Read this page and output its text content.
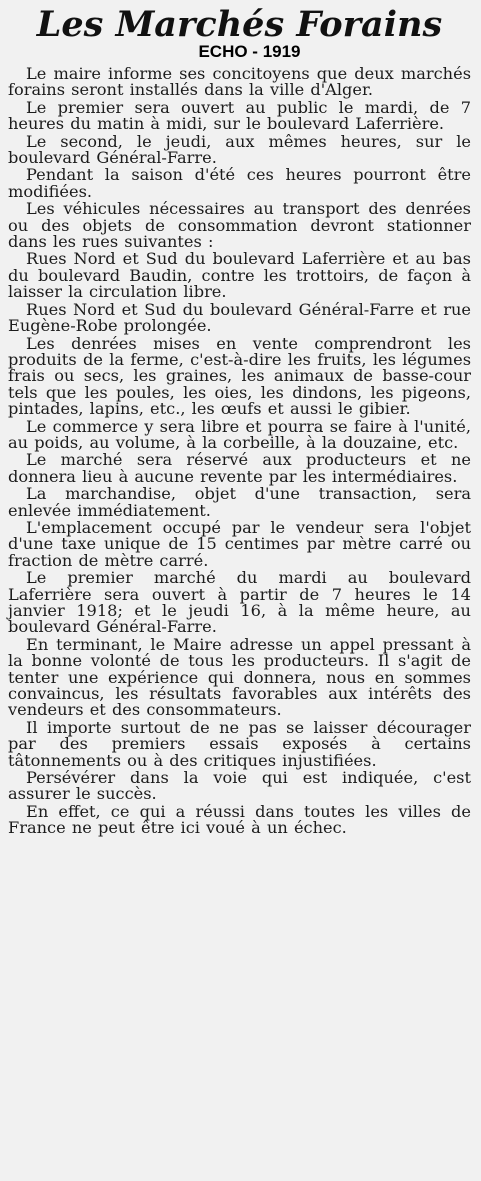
Les Marchés Forains
ECHO - 1919

Le maire informe ses concitoyens que deux marchés forains seront installés dans la ville d'Alger.

Le premier sera ouvert au public le mardi, de 7 heures du matin à midi, sur le boulevard Laferrière.

Le second, le jeudi, aux mêmes heures, sur le boulevard Général-Farre.

Pendant la saison d'été ces heures pourront être modifiées.

Les véhicules nécessaires au transport des denrées ou des objets de consommation devront stationner dans les rues suivantes :

Rues Nord et Sud du boulevard Laferrière et au bas du boulevard Baudin, contre les trottoirs, de façon à laisser la circulation libre.

Rues Nord et Sud du boulevard Général-Farre et rue Eugène-Robe prolongée.

Les denrées mises en vente comprendront les produits de la ferme, c'est-à-dire les fruits, les légumes frais ou secs, les graines, les animaux de basse-cour tels que les poules, les oies, les dindons, les pigeons, pintades, lapins, etc., les œufs et aussi le gibier.

Le commerce y sera libre et pourra se faire à l'unité, au poids, au volume, à la corbeille, à la douzaine, etc.

Le marché sera réservé aux producteurs et ne donnera lieu à aucune revente par les intermédiaires.

La marchandise, objet d'une transaction, sera enlevée immédiatement.

L'emplacement occupé par le vendeur sera l'objet d'une taxe unique de 15 centimes par mètre carré ou fraction de mètre carré.

Le premier marché du mardi au boulevard Laferrière sera ouvert à partir de 7 heures le 14 janvier 1918; et le jeudi 16, à la même heure, au boulevard Général-Farre.

En terminant, le Maire adresse un appel pressant à la bonne volonté de tous les producteurs. Il s'agit de tenter une expérience qui donnera, nous en sommes convaincus, les résultats favorables aux intérêts des vendeurs et des consommateurs.

Il importe surtout de ne pas se laisser décourager par des premiers essais exposés à certains tâtonnements ou à des critiques injustifiées.

Persévérer dans la voie qui est indiquée, c'est assurer le succès.

En effet, ce qui a réussi dans toutes les villes de France ne peut être ici voué à un échec.
